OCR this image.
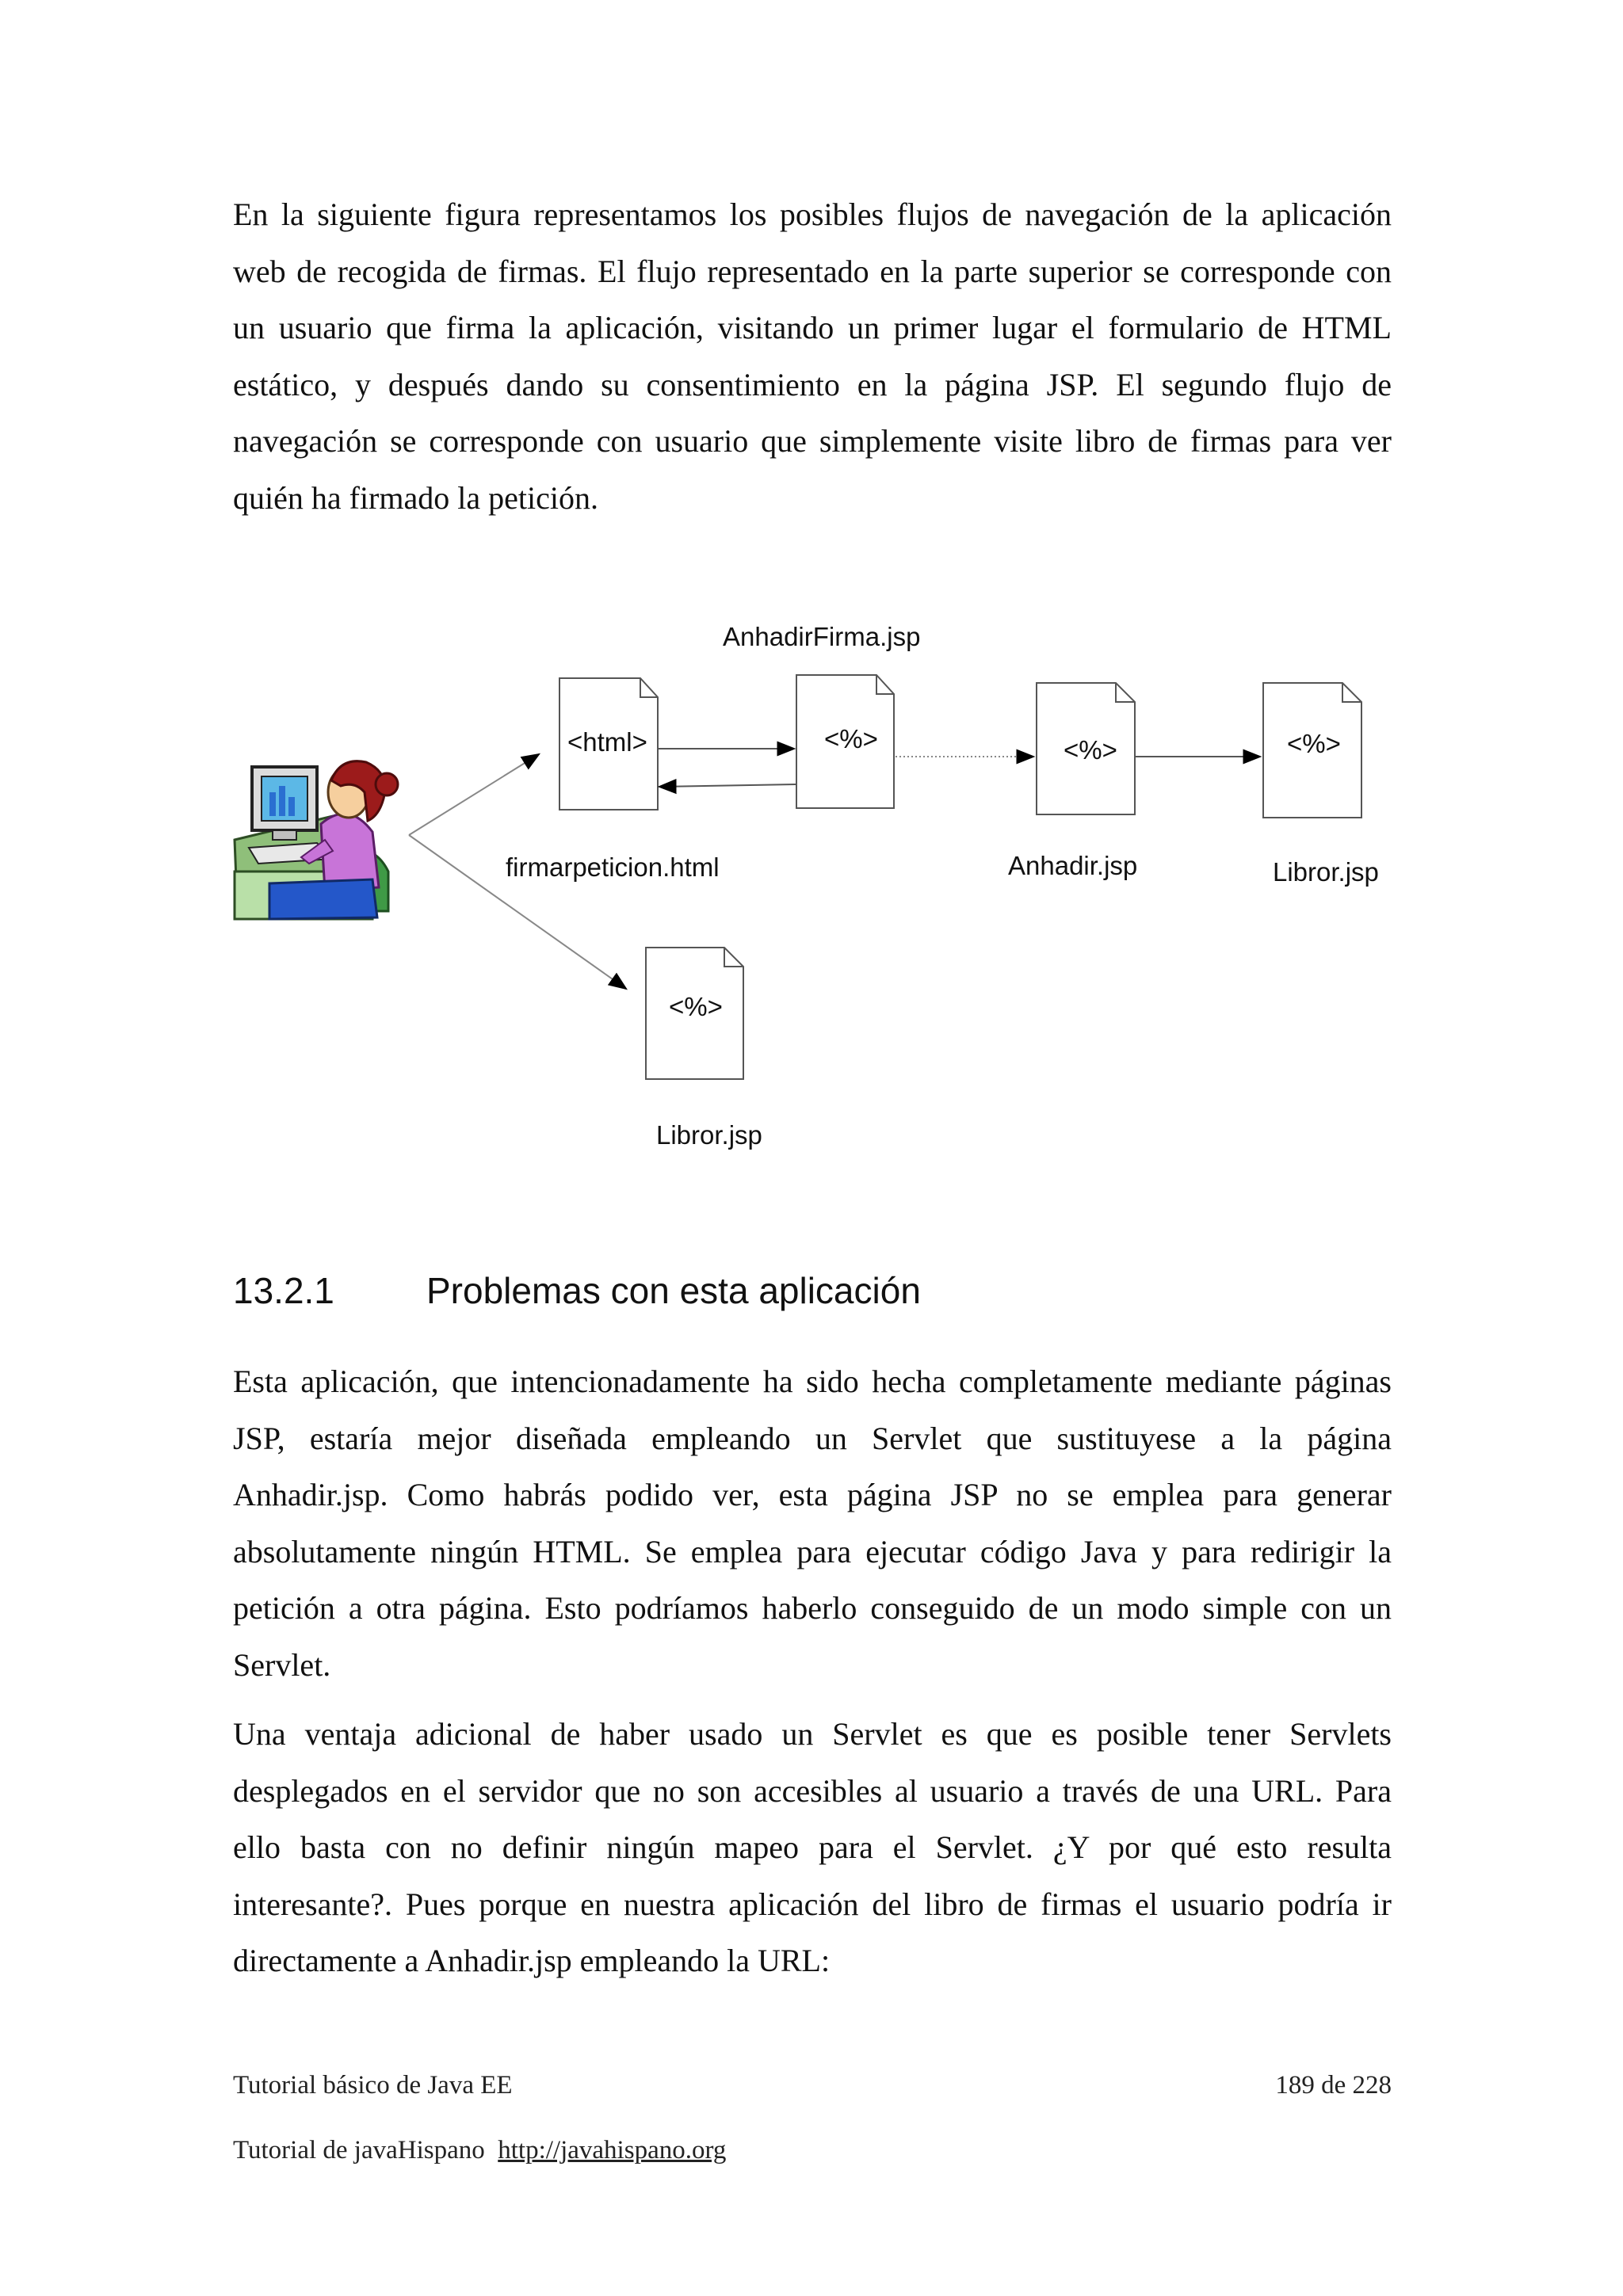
En la siguiente figura representamos los posibles flujos de navegación de la aplicación
web de recogida de firmas. El flujo representado en la parte superior se corresponde con
un usuario que firma la aplicación, visitando un primer lugar el formulario de HTML
estático, y después dando su consentimiento en la página JSP. El segundo flujo de
navegación se corresponde con usuario que simplemente visite libro de firmas para ver
quién ha firmado la petición.
<html>	<%>	<%>	<%>
<%>
AnhadirFirma.jsp
firmarpeticion.html	Anhadir.jsp	Libror.jsp
Libror.jsp
13.2.1	Problemas con esta aplicación
Esta aplicación, que intencionadamente ha sido hecha completamente mediante páginas
JSP, estaría mejor diseñada empleando un Servlet que sustituyese a la página
Anhadir.jsp. Como habrás podido ver, esta página JSP no se emplea para generar
absolutamente ningún HTML. Se emplea para ejecutar código Java y para redirigir la
petición a otra página. Esto podríamos haberlo conseguido de un modo simple con un
Servlet.
Una ventaja adicional de haber usado un Servlet es que es posible tener Servlets
desplegados en el servidor que no son accesibles al usuario a través de una URL. Para
ello basta con no definir ningún mapeo para el Servlet. ¿Y por qué esto resulta
interesante?. Pues porque en nuestra aplicación del libro de firmas el usuario podría ir
directamente a Anhadir.jsp empleando la URL:
Tutorial básico de Java EE	189 de 228
Tutorial de javaHispano http://javahispano.org
